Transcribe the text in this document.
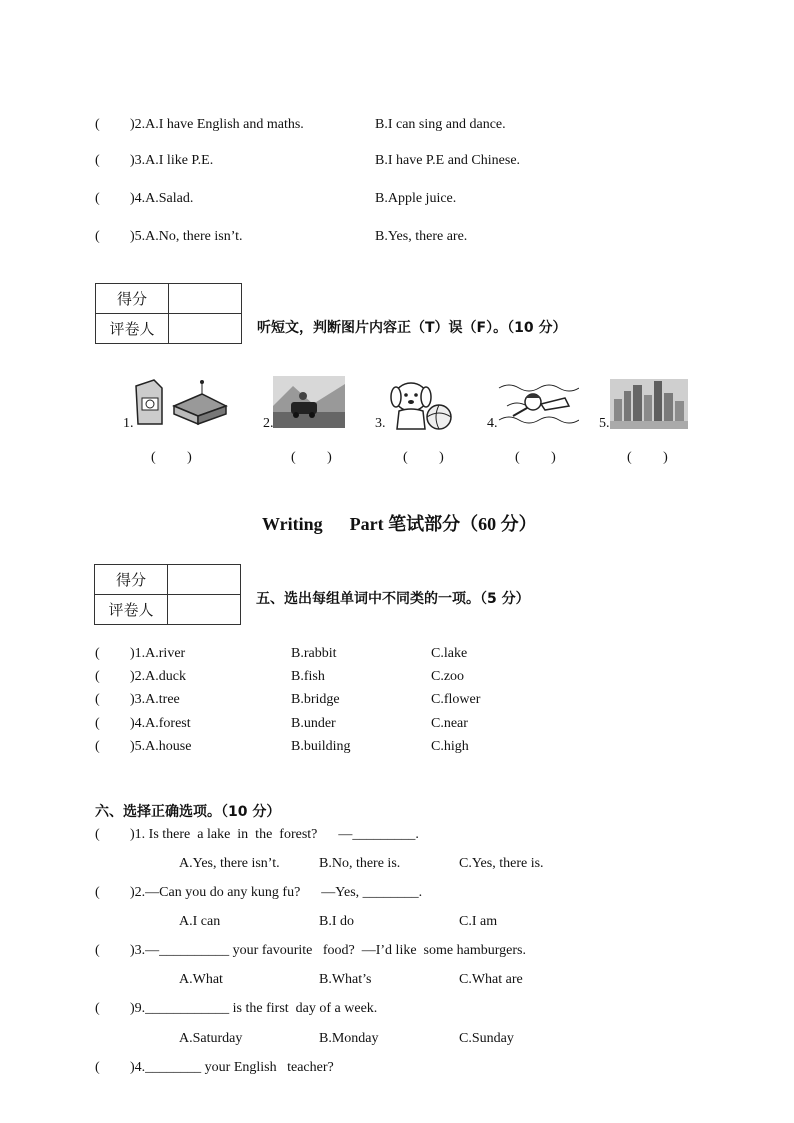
( )2.A.I have English and maths.	B.I can sing and dance.
( )3.A.I like P.E.	B.I have P.E and Chinese.
( )4.A.Salad.	B.Apple juice.
( )5.A.No, there isn’t.	B.Yes, there are.
得分	
评卷人		听短文，判断图片内容正（T）误（F）。（10 分）
1.
( )
2.
( )
3.
( )
4.
( )
5.
( )
Writing      Part 笔试部分（60 分）
得分	
评卷人	
五、选出每组单词中不同类的一项。（5 分）
( )1.A.river	B.rabbit	C.lake
( )2.A.duck	B.fish	C.zoo
( )3.A.tree	B.bridge	C.flower
( )4.A.forest	B.under	C.near
( )5.A.house	B.building	C.high
六、选择正确选项。（10 分）
( )1. Is there  a lake  in  the  forest?      —_________.
A.Yes, there isn’t.	B.No, there is.	C.Yes, there is.
( )2.—Can you do any kung fu?      —Yes, ________.
A.I can	B.I do	C.I am
( )3.—__________ your favourite   food?  —I’d like  some hamburgers.
A.What	B.What’s	C.What are
( )9.____________ is the first  day of a week.
A.Saturday	B.Monday	C.Sunday
( )4.________ your English   teacher?
